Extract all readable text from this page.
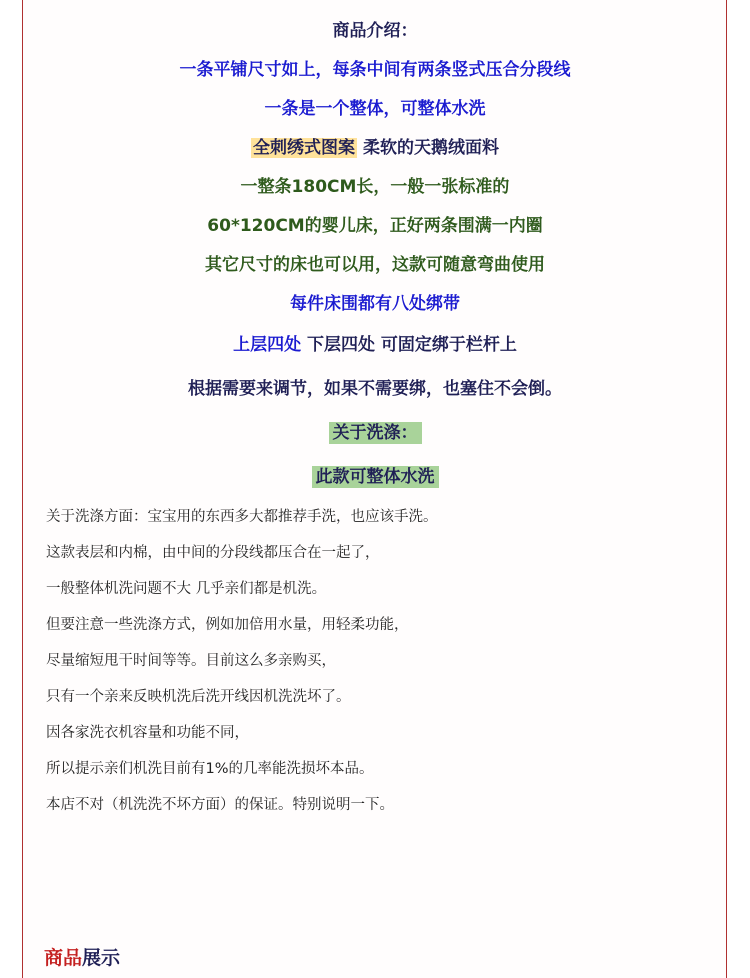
商品介绍：
一条平铺尺寸如上，每条中间有两条竖式压合分段线
一条是一个整体，可整体水洗
全刺绣式图案 柔软的天鹅绒面料
一整条180CM长，一般一张标准的
60*120CM的婴儿床，正好两条围满一内圈
其它尺寸的床也可以用，这款可随意弯曲使用
每件床围都有八处绑带
上层四处 下层四处 可固定绑于栏杆上
根据需要来调节，如果不需要绑，也塞住不会倒。
关于洗涤：
此款可整体水洗
关于洗涤方面：宝宝用的东西多大都推荐手洗，也应该手洗。
这款表层和内棉，由中间的分段线都压合在一起了，
一般整体机洗问题不大 几乎亲们都是机洗。
但要注意一些洗涤方式，例如加倍用水量，用轻柔功能，
尽量缩短甩干时间等等。目前这么多亲购买，
只有一个亲来反映机洗后洗开线因机洗洗坏了。
因各家洗衣机容量和功能不同，
所以提示亲们机洗目前有1%的几率能洗损坏本品。
本店不对（机洗洗不坏方面）的保证。特别说明一下。
商品展示
